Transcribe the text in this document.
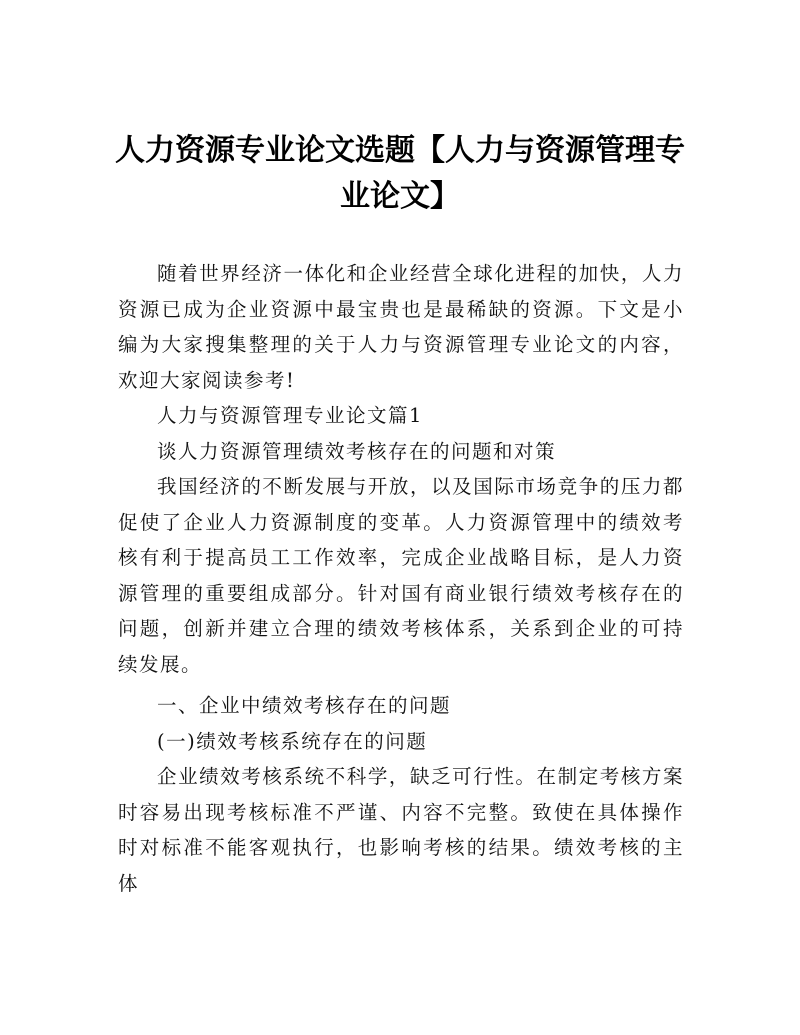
人力资源专业论文选题【人力与资源管理专业论文】

随着世界经济一体化和企业经营全球化进程的加快，人力资源已成为企业资源中最宝贵也是最稀缺的资源。下文是小编为大家搜集整理的关于人力与资源管理专业论文的内容，欢迎大家阅读参考!

人力与资源管理专业论文篇1

谈人力资源管理绩效考核存在的问题和对策

我国经济的不断发展与开放，以及国际市场竞争的压力都促使了企业人力资源制度的变革。人力资源管理中的绩效考核有利于提高员工工作效率，完成企业战略目标，是人力资源管理的重要组成部分。针对国有商业银行绩效考核存在的问题，创新并建立合理的绩效考核体系，关系到企业的可持续发展。

一、企业中绩效考核存在的问题

(一)绩效考核系统存在的问题

企业绩效考核系统不科学，缺乏可行性。在制定考核方案时容易出现考核标准不严谨、内容不完整。致使在具体操作时对标准不能客观执行，也影响考核的结果。绩效考核的主体
